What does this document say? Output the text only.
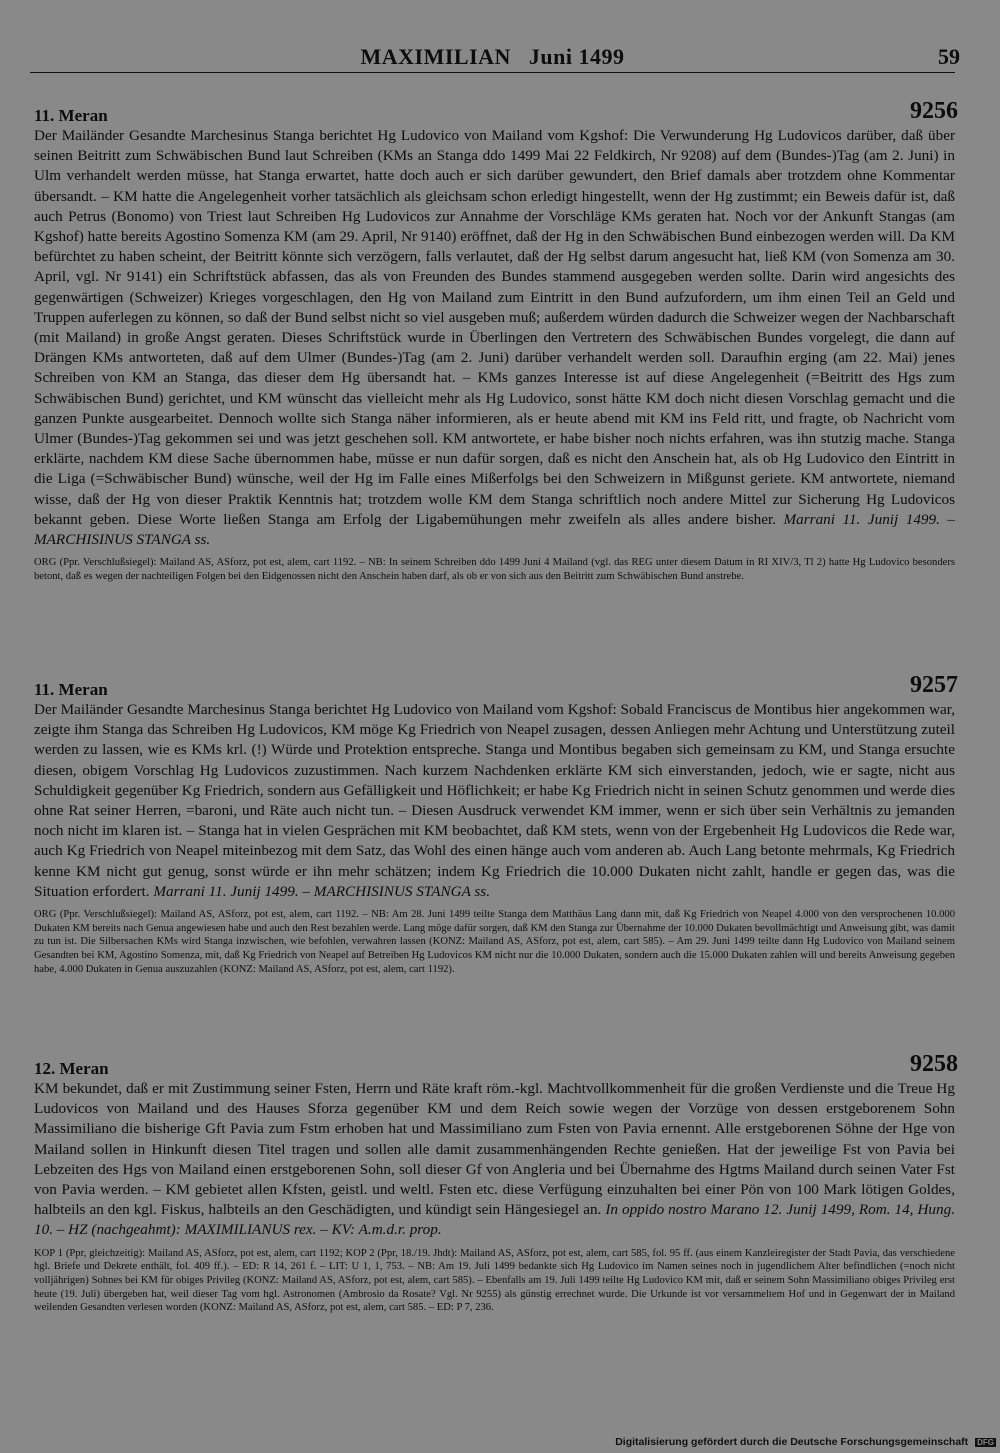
MAXIMILIAN   Juni 1499	59
11. Meran	9256

Der Mailänder Gesandte Marchesinus Stanga berichtet Hg Ludovico von Mailand vom Kgshof: Die Verwunderung Hg Ludovicos darüber, daß über seinen Beitritt zum Schwäbischen Bund laut Schreiben (KMs an Stanga ddo 1499 Mai 22 Feldkirch, Nr 9208) auf dem (Bundes-)Tag (am 2. Juni) in Ulm verhandelt werden müsse, hat Stanga erwartet, hatte doch auch er sich darüber gewundert, den Brief damals aber trotzdem ohne Kommentar übersandt. – KM hatte die Angelegenheit vorher tatsächlich als gleichsam schon erledigt hingestellt, wenn der Hg zustimmt; ein Beweis dafür ist, daß auch Petrus (Bonomo) von Triest laut Schreiben Hg Ludovicos zur Annahme der Vorschläge KMs geraten hat. Noch vor der Ankunft Stangas (am Kgshof) hatte bereits Agostino Somenza KM (am 29. April, Nr 9140) eröffnet, daß der Hg in den Schwäbischen Bund einbezogen werden will. Da KM befürchtet zu haben scheint, der Beitritt könnte sich verzögern, falls verlautet, daß der Hg selbst darum angesucht hat, ließ KM (von Somenza am 30. April, vgl. Nr 9141) ein Schriftstück abfassen, das als von Freunden des Bundes stammend ausgegeben werden sollte. Darin wird angesichts des gegenwärtigen (Schweizer) Krieges vorgeschlagen, den Hg von Mailand zum Eintritt in den Bund aufzufordern, um ihm einen Teil an Geld und Truppen auferlegen zu können, so daß der Bund selbst nicht so viel ausgeben muß; außerdem würden dadurch die Schweizer wegen der Nachbarschaft (mit Mailand) in große Angst geraten. Dieses Schriftstück wurde in Überlingen den Vertretern des Schwäbischen Bundes vorgelegt, die dann auf Drängen KMs antworteten, daß auf dem Ulmer (Bundes-)Tag (am 2. Juni) darüber verhandelt werden soll. Daraufhin erging (am 22. Mai) jenes Schreiben von KM an Stanga, das dieser dem Hg übersandt hat. – KMs ganzes Interesse ist auf diese Angelegenheit (=Beitritt des Hgs zum Schwäbischen Bund) gerichtet, und KM wünscht das vielleicht mehr als Hg Ludovico, sonst hätte KM doch nicht diesen Vorschlag gemacht und die ganzen Punkte ausgearbeitet. Dennoch wollte sich Stanga näher informieren, als er heute abend mit KM ins Feld ritt, und fragte, ob Nachricht vom Ulmer (Bundes-)Tag gekommen sei und was jetzt geschehen soll. KM antwortete, er habe bisher noch nichts erfahren, was ihn stutzig mache. Stanga erklärte, nachdem KM diese Sache übernommen habe, müsse er nun dafür sorgen, daß es nicht den Anschein hat, als ob Hg Ludovico den Eintritt in die Liga (=Schwäbischer Bund) wünsche, weil der Hg im Falle eines Mißerfolgs bei den Schweizern in Mißgunst geriete. KM antwortete, niemand wisse, daß der Hg von dieser Praktik Kenntnis hat; trotzdem wolle KM dem Stanga schriftlich noch andere Mittel zur Sicherung Hg Ludovicos bekannt geben. Diese Worte ließen Stanga am Erfolg der Ligabemühungen mehr zweifeln als alles andere bisher. Marrani 11. Junij 1499. – MARCHISINUS STANGA ss.

ORG (Ppr. Verschlußsiegel): Mailand AS, ASforz, pot est, alem, cart 1192. – NB: In seinem Schreiben ddo 1499 Juni 4 Mailand (vgl. das REG unter diesem Datum in RI XIV/3, Tl 2) hatte Hg Ludovico besonders betont, daß es wegen der nachteiligen Folgen bei den Eidgenossen nicht den Anschein haben darf, als ob er von sich aus den Beitritt zum Schwäbischen Bund anstrebe.

11. Meran	9257

Der Mailänder Gesandte Marchesinus Stanga berichtet Hg Ludovico von Mailand vom Kgshof: Sobald Franciscus de Montibus hier angekommen war, zeigte ihm Stanga das Schreiben Hg Ludovicos, KM möge Kg Friedrich von Neapel zusagen, dessen Anliegen mehr Achtung und Unterstützung zuteil werden zu lassen, wie es KMs krl. (!) Würde und Protektion entspreche. Stanga und Montibus begaben sich gemeinsam zu KM, und Stanga ersuchte diesen, obigem Vorschlag Hg Ludovicos zuzustimmen. Nach kurzem Nachdenken erklärte KM sich einverstanden, jedoch, wie er sagte, nicht aus Schuldigkeit gegenüber Kg Friedrich, sondern aus Gefälligkeit und Höflichkeit; er habe Kg Friedrich nicht in seinen Schutz genommen und werde dies ohne Rat seiner Herren, =baroni, und Räte auch nicht tun. – Diesen Ausdruck verwendet KM immer, wenn er sich über sein Verhältnis zu jemanden noch nicht im klaren ist. – Stanga hat in vielen Gesprächen mit KM beobachtet, daß KM stets, wenn von der Ergebenheit Hg Ludovicos die Rede war, auch Kg Friedrich von Neapel miteinbezog mit dem Satz, das Wohl des einen hänge auch vom anderen ab. Auch Lang betonte mehrmals, Kg Friedrich kenne KM nicht gut genug, sonst würde er ihn mehr schätzen; indem Kg Friedrich die 10.000 Dukaten nicht zahlt, handle er gegen das, was die Situation erfordert. Marrani 11. Junij 1499. – MARCHISINUS STANGA ss.

ORG (Ppr. Verschlußsiegel): Mailand AS, ASforz, pot est, alem, cart 1192. – NB: Am 28. Juni 1499 teilte Stanga dem Matthäus Lang dann mit, daß Kg Friedrich von Neapel 4.000 von den versprochenen 10.000 Dukaten KM bereits nach Genua angewiesen habe und auch den Rest bezahlen werde. Lang möge dafür sorgen, daß KM den Stanga zur Übernahme der 10.000 Dukaten bevollmächtigt und Anweisung gibt, was damit zu tun ist. Die Silbersachen KMs wird Stanga inzwischen, wie befohlen, verwahren lassen (KONZ: Mailand AS, ASforz, pot est, alem, cart 585). – Am 29. Juni 1499 teilte dann Hg Ludovico von Mailand seinem Gesandten bei KM, Agostino Somenza, mit, daß Kg Friedrich von Neapel auf Betreiben Hg Ludovicos KM nicht nur die 10.000 Dukaten, sondern auch die 15.000 Dukaten zahlen will und bereits Anweisung gegeben habe, 4.000 Dukaten in Genua auszuzahlen (KONZ: Mailand AS, ASforz, pot est, alem, cart 1192).

12. Meran	9258

KM bekundet, daß er mit Zustimmung seiner Fsten, Herrn und Räte kraft röm.-kgl. Machtvollkommenheit für die großen Verdienste und die Treue Hg Ludovicos von Mailand und des Hauses Sforza gegenüber KM und dem Reich sowie wegen der Vorzüge von dessen erstgeborenem Sohn Massimiliano die bisherige Gft Pavia zum Fstm erhoben hat und Massimiliano zum Fsten von Pavia ernennt. Alle erstgeborenen Söhne der Hge von Mailand sollen in Hinkunft diesen Titel tragen und sollen alle damit zusammenhängenden Rechte genießen. Hat der jeweilige Fst von Pavia bei Lebzeiten des Hgs von Mailand einen erstgeborenen Sohn, soll dieser Gf von Angleria und bei Übernahme des Hgtms Mailand durch seinen Vater Fst von Pavia werden. – KM gebietet allen Kfsten, geistl. und weltl. Fsten etc. diese Verfügung einzuhalten bei einer Pön von 100 Mark lötigen Goldes, halbteils an den kgl. Fiskus, halbteils an den Geschädigten, und kündigt sein Hängesiegel an. In oppido nostro Marano 12. Junij 1499, Rom. 14, Hung. 10. – HZ (nachgeahmt): MAXIMILIANUS rex. – KV: A.m.d.r. prop.

KOP 1 (Ppr, gleichzeitig): Mailand AS, ASforz, pot est, alem, cart 1192; KOP 2 (Ppr, 18./19. Jhdt): Mailand AS, ASforz, pot est, alem, cart 585, fol. 95 ff. (aus einem Kanzleiregister der Stadt Pavia, das verschiedene hgl. Briefe und Dekrete enthält, fol. 409 ff.). – ED: R 14, 261 f. – LIT: U 1, 1, 753. – NB: Am 19. Juli 1499 bedankte sich Hg Ludovico im Namen seines noch in jugendlichem Alter befindlichen (=noch nicht volljährigen) Sohnes bei KM für obiges Privileg (KONZ: Mailand AS, ASforz, pot est, alem, cart 585). – Ebenfalls am 19. Juli 1499 teilte Hg Ludovico KM mit, daß er seinem Sohn Massimiliano obiges Privileg erst heute (19. Juli) übergeben hat, weil dieser Tag vom hgl. Astronomen (Ambrosio da Rosate? Vgl. Nr 9255) als günstig errechnet wurde. Die Urkunde ist vor versammeltem Hof und in Gegenwart der in Mailand weilenden Gesandten verlesen worden (KONZ: Mailand AS, ASforz, pot est, alem, cart 585. – ED: P 7, 236.

Digitalisierung gefördert durch die Deutsche Forschungsgemeinschaft DFG
